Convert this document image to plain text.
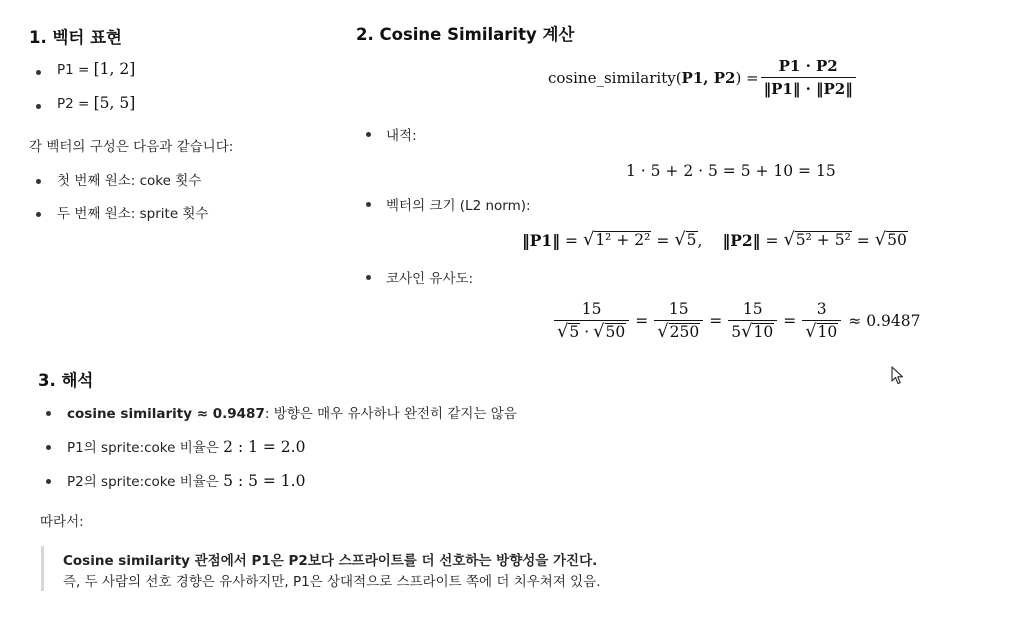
1. 벡터 표현
P1 = [1, 2]
P2 = [5, 5]
각 벡터의 구성은 다음과 같습니다:
첫 번째 원소: coke 횟수
두 번째 원소: sprite 횟수
2. Cosine Similarity 계산
cosine_similarity( P1, P2 ) = $\frac{P1 \cdot P2}{‖P1‖ \cdot ‖P2‖}$
내적:
1 · 5 + 2 · 5 = 5 + 10 = 15
벡터의 크기 (L2 norm):
‖P1‖ = √ 1² + 2² = √ 5 , ‖P2‖ = √ 5² + 5² = √ 50
코사인 유사도:
$\frac{15}{√ 5 \cdot √ 50} = \frac{15}{√ 250} = \frac{15}{5 √ 10} = \frac{3}{√ 10} \approx 0.9487$
3. 해석
cosine similarity ≈ 0.9487: 방향은 매우 유사하나 완전히 같지는 않음
P1의 sprite:coke 비율은 2 : 1 = 2.0
P2의 sprite:coke 비율은 5 : 5 = 1.0
따라서:
Cosine similarity 관점에서 P1은 P2보다 스프라이트를 더 선호하는 방향성을 가진다.
즉, 두 사람의 선호 경향은 유사하지만, P1은 상대적으로 스프라이트 쪽에 더 치우쳐져 있음.
